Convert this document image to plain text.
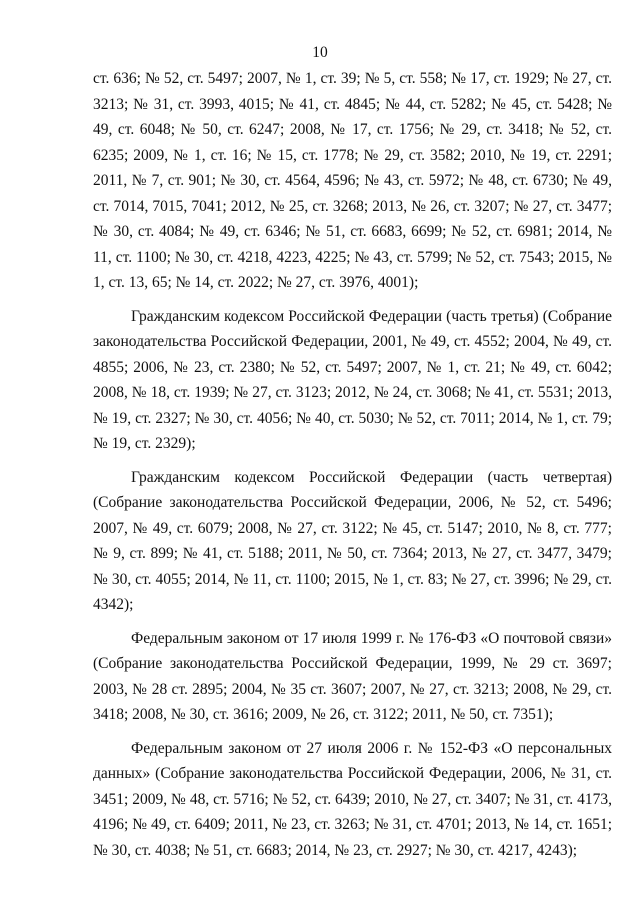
10

ст. 636; № 52, ст. 5497; 2007, № 1, ст. 39; № 5, ст. 558; № 17, ст. 1929; № 27, ст. 3213; № 31, ст. 3993, 4015; № 41, ст. 4845; № 44, ст. 5282; № 45, ст. 5428; № 49, ст. 6048; № 50, ст. 6247; 2008, № 17, ст. 1756; № 29, ст. 3418; № 52, ст. 6235; 2009, № 1, ст. 16; № 15, ст. 1778; № 29, ст. 3582; 2010, № 19, ст. 2291; 2011, № 7, ст. 901; № 30, ст. 4564, 4596; № 43, ст. 5972; № 48, ст. 6730; № 49, ст. 7014, 7015, 7041; 2012, № 25, ст. 3268; 2013, № 26, ст. 3207; № 27, ст. 3477; № 30, ст. 4084; № 49, ст. 6346; № 51, ст. 6683, 6699; № 52, ст. 6981; 2014, № 11, ст. 1100; № 30, ст. 4218, 4223, 4225; № 43, ст. 5799; № 52, ст. 7543; 2015, № 1, ст. 13, 65; № 14, ст. 2022; № 27, ст. 3976, 4001);

Гражданским кодексом Российской Федерации (часть третья) (Собрание законодательства Российской Федерации, 2001, № 49, ст. 4552; 2004, № 49, ст. 4855; 2006, № 23, ст. 2380; № 52, ст. 5497; 2007, № 1, ст. 21; № 49, ст. 6042; 2008, № 18, ст. 1939; № 27, ст. 3123; 2012, № 24, ст. 3068; № 41, ст. 5531; 2013, № 19, ст. 2327; № 30, ст. 4056; № 40, ст. 5030; № 52, ст. 7011; 2014, № 1, ст. 79; № 19, ст. 2329);

Гражданским кодексом Российской Федерации (часть четвертая) (Собрание законодательства Российской Федерации, 2006, № 52, ст. 5496; 2007, № 49, ст. 6079; 2008, № 27, ст. 3122; № 45, ст. 5147; 2010, № 8, ст. 777; № 9, ст. 899; № 41, ст. 5188; 2011, № 50, ст. 7364; 2013, № 27, ст. 3477, 3479; № 30, ст. 4055; 2014, № 11, ст. 1100; 2015, № 1, ст. 83; № 27, ст. 3996; № 29, ст. 4342);

Федеральным законом от 17 июля 1999 г. № 176-ФЗ «О почтовой связи» (Собрание законодательства Российской Федерации, 1999, № 29 ст. 3697; 2003, № 28 ст. 2895; 2004, № 35 ст. 3607; 2007, № 27, ст. 3213; 2008, № 29, ст. 3418; 2008, № 30, ст. 3616; 2009, № 26, ст. 3122; 2011, № 50, ст. 7351);

Федеральным законом от 27 июля 2006 г. № 152-ФЗ «О персональных данных» (Собрание законодательства Российской Федерации, 2006, № 31, ст. 3451; 2009, № 48, ст. 5716; № 52, ст. 6439; 2010, № 27, ст. 3407; № 31, ст. 4173, 4196; № 49, ст. 6409; 2011, № 23, ст. 3263; № 31, ст. 4701; 2013, № 14, ст. 1651; № 30, ст. 4038; № 51, ст. 6683; 2014, № 23, ст. 2927; № 30, ст. 4217, 4243);
